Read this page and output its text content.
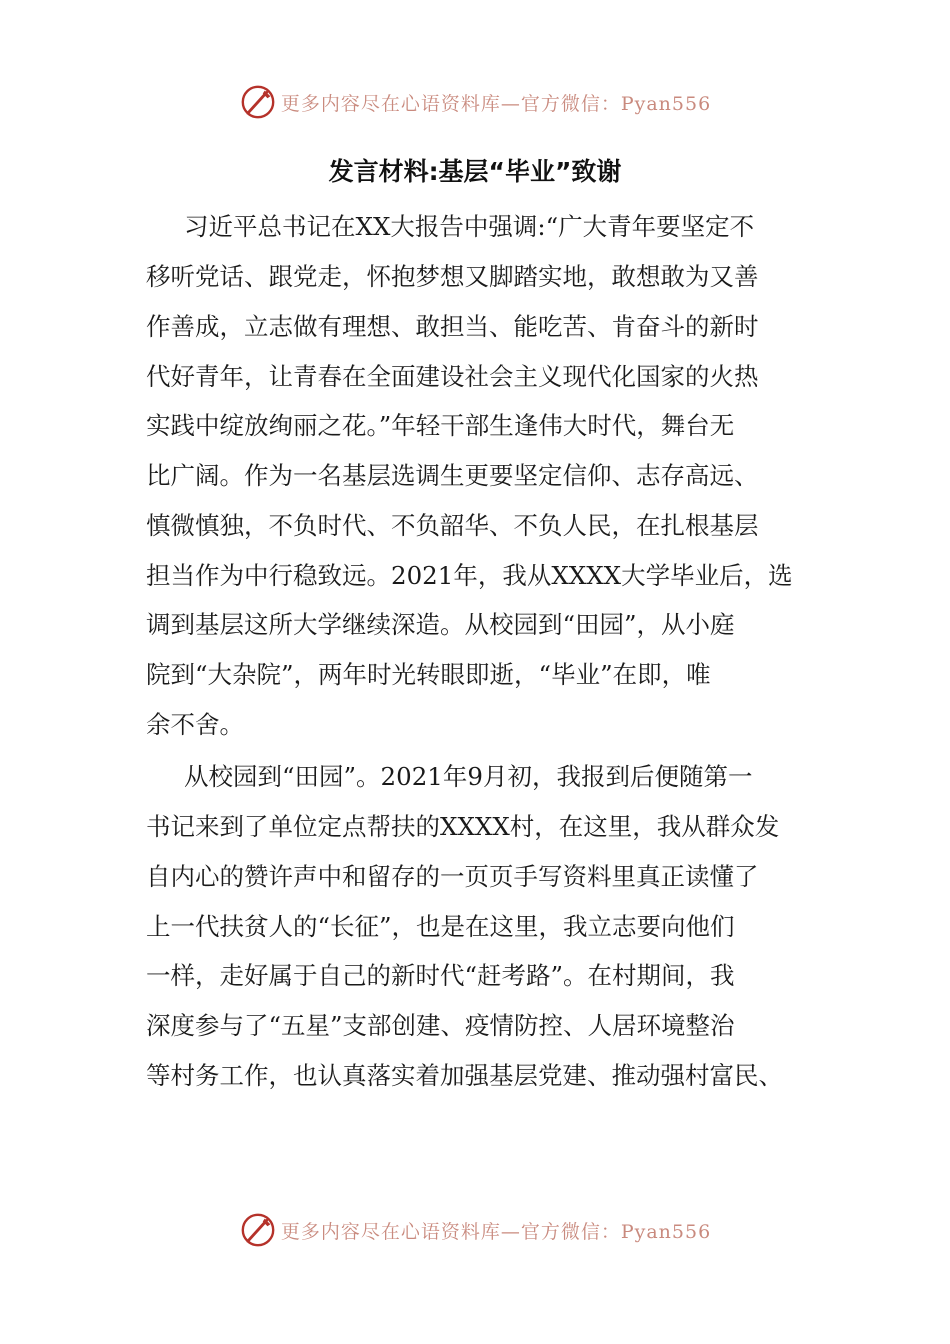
更多内容尽在心语资料库—官方微信：Pyan556
发言材料:基层“毕业”致谢
习近平总书记在XX大报告中强调:“广大青年要坚定不
移听党话、跟党走，怀抱梦想又脚踏实地，敢想敢为又善
作善成，立志做有理想、敢担当、能吃苦、肯奋斗的新时
代好青年，让青春在全面建设社会主义现代化国家的火热
实践中绽放绚丽之花。”年轻干部生逢伟大时代，舞台无
比广阔。作为一名基层选调生更要坚定信仰、志存高远、
慎微慎独，不负时代、不负韶华、不负人民，在扎根基层
担当作为中行稳致远。2021年，我从XXXX大学毕业后，选
调到基层这所大学继续深造。从校园到“田园”，从小庭
院到“大杂院”，两年时光转眼即逝，“毕业”在即，唯
余不舍。
从校园到“田园”。2021年9月初，我报到后便随第一
书记来到了单位定点帮扶的XXXX村，在这里，我从群众发
自内心的赞许声中和留存的一页页手写资料里真正读懂了
上一代扶贫人的“长征”，也是在这里，我立志要向他们
一样，走好属于自己的新时代“赶考路”。在村期间，我
深度参与了“五星”支部创建、疫情防控、人居环境整治
等村务工作，也认真落实着加强基层党建、推动强村富民、
更多内容尽在心语资料库—官方微信：Pyan556
